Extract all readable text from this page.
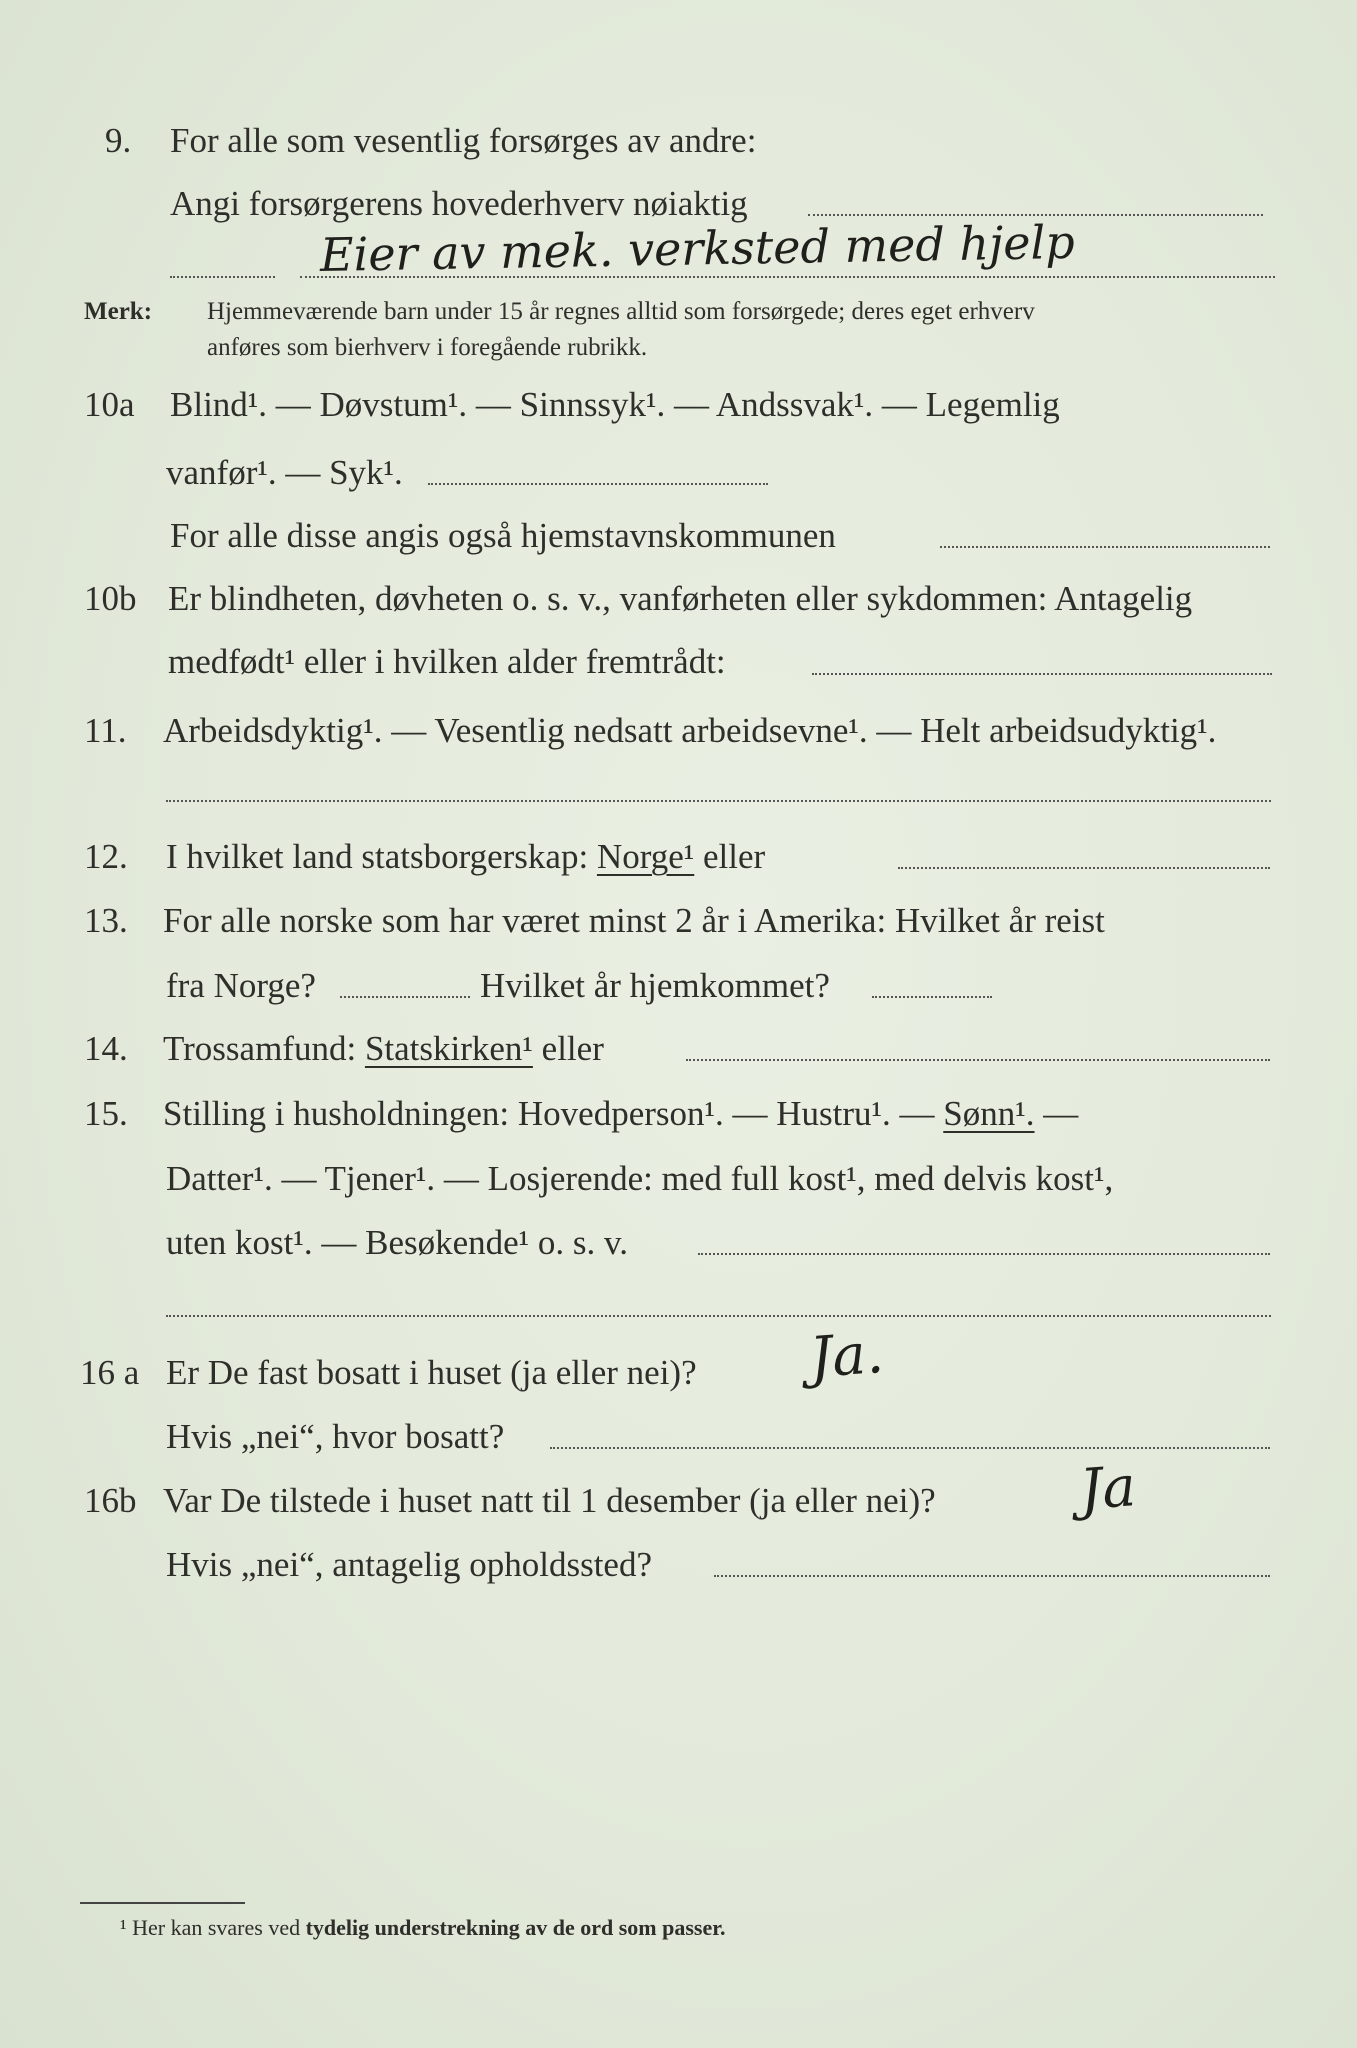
9. For alle som vesentlig forsørges av andre:
Angi forsørgerens hovederhverv nøiaktig
Eier av mek. verksted med hjelp
Merk: Hjemmeværende barn under 15 år regnes alltid som forsørgede; deres eget erhverv
anføres som bierhverv i foregående rubrikk.
10a Blind¹. — Døvstum¹. — Sinnssyk¹. — Andssvak¹. — Legemlig
vanfør¹. — Syk¹.
For alle disse angis også hjemstavnskommunen
10b Er blindheten, døvheten o. s. v., vanførheten eller sykdommen: Antagelig
medfødt¹ eller i hvilken alder fremtrådt:
11. Arbeidsdyktig¹. — Vesentlig nedsatt arbeidsevne¹. — Helt arbeidsudyktig¹.
12. I hvilket land statsborgerskap: Norge¹ eller
13. For alle norske som har været minst 2 år i Amerika: Hvilket år reist
fra Norge?	Hvilket år hjemkommet?
14. Trossamfund: Statskirken¹ eller
15. Stilling i husholdningen: Hovedperson¹. — Hustru¹. — Sønn¹. —
Datter¹. — Tjener¹. — Losjerende: med full kost¹, med delvis kost¹,
uten kost¹. — Besøkende¹ o. s. v.
16 a Er De fast bosatt i huset (ja eller nei)? Ja.
Hvis „nei“, hvor bosatt?
16b Var De tilstede i huset natt til 1 desember (ja eller nei)?	Ja
Hvis „nei“, antagelig opholdssted?
¹ Her kan svares ved tydelig understrekning av de ord som passer.
